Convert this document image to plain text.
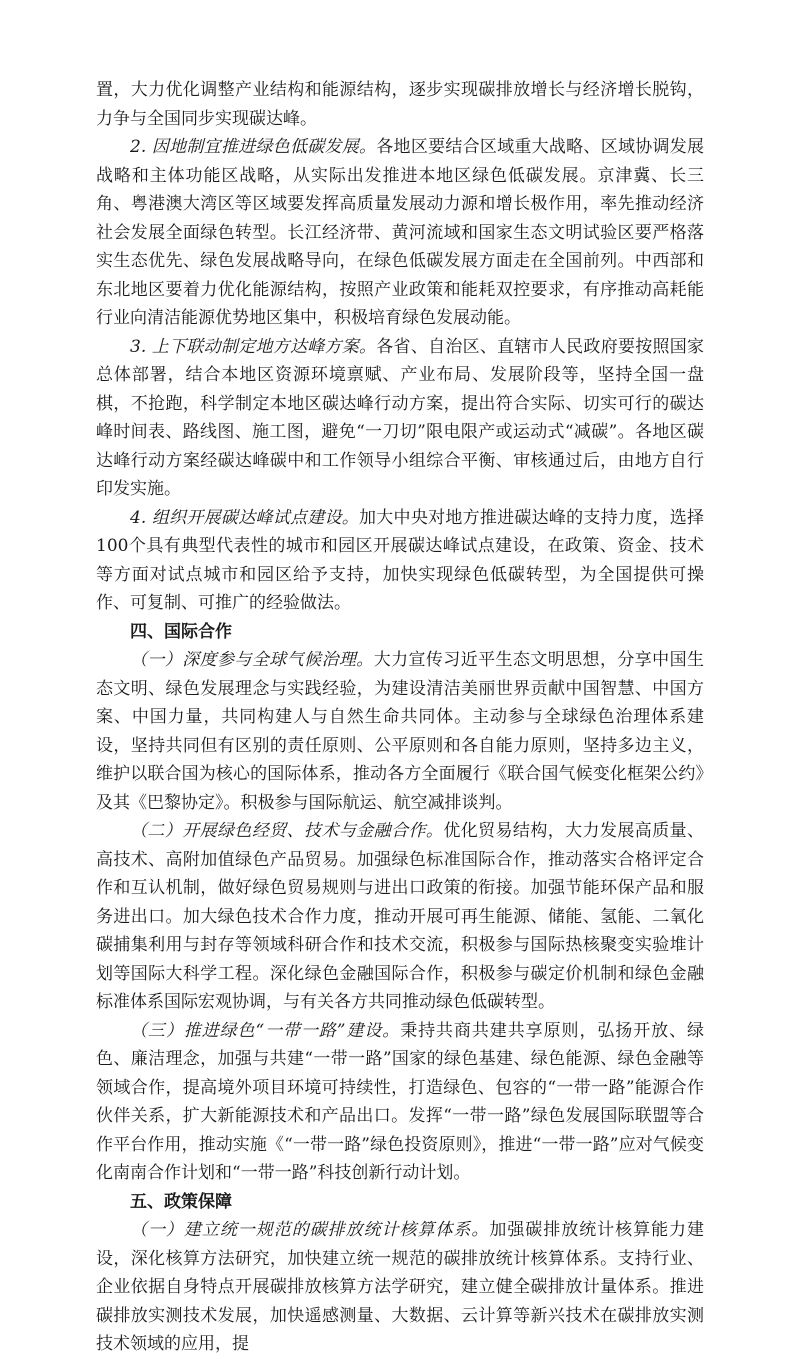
置，大力优化调整产业结构和能源结构，逐步实现碳排放增长与经济增长脱钩，力争与全国同步实现碳达峰。

2. 因地制宜推进绿色低碳发展。各地区要结合区域重大战略、区域协调发展战略和主体功能区战略，从实际出发推进本地区绿色低碳发展。京津冀、长三角、粤港澳大湾区等区域要发挥高质量发展动力源和增长极作用，率先推动经济社会发展全面绿色转型。长江经济带、黄河流域和国家生态文明试验区要严格落实生态优先、绿色发展战略导向，在绿色低碳发展方面走在全国前列。中西部和东北地区要着力优化能源结构，按照产业政策和能耗双控要求，有序推动高耗能行业向清洁能源优势地区集中，积极培育绿色发展动能。

3. 上下联动制定地方达峰方案。各省、自治区、直辖市人民政府要按照国家总体部署，结合本地区资源环境禀赋、产业布局、发展阶段等，坚持全国一盘棋，不抢跑，科学制定本地区碳达峰行动方案，提出符合实际、切实可行的碳达峰时间表、路线图、施工图，避免“一刀切”限电限产或运动式“减碳”。各地区碳达峰行动方案经碳达峰碳中和工作领导小组综合平衡、审核通过后，由地方自行印发实施。

4. 组织开展碳达峰试点建设。加大中央对地方推进碳达峰的支持力度，选择100个具有典型代表性的城市和园区开展碳达峰试点建设，在政策、资金、技术等方面对试点城市和园区给予支持，加快实现绿色低碳转型，为全国提供可操作、可复制、可推广的经验做法。

四、国际合作

（一）深度参与全球气候治理。大力宣传习近平生态文明思想，分享中国生态文明、绿色发展理念与实践经验，为建设清洁美丽世界贡献中国智慧、中国方案、中国力量，共同构建人与自然生命共同体。主动参与全球绿色治理体系建设，坚持共同但有区别的责任原则、公平原则和各自能力原则，坚持多边主义，维护以联合国为核心的国际体系，推动各方全面履行《联合国气候变化框架公约》及其《巴黎协定》。积极参与国际航运、航空减排谈判。

（二）开展绿色经贸、技术与金融合作。优化贸易结构，大力发展高质量、高技术、高附加值绿色产品贸易。加强绿色标准国际合作，推动落实合格评定合作和互认机制，做好绿色贸易规则与进出口政策的衔接。加强节能环保产品和服务进出口。加大绿色技术合作力度，推动开展可再生能源、储能、氢能、二氧化碳捕集利用与封存等领域科研合作和技术交流，积极参与国际热核聚变实验堆计划等国际大科学工程。深化绿色金融国际合作，积极参与碳定价机制和绿色金融标准体系国际宏观协调，与有关各方共同推动绿色低碳转型。

（三）推进绿色“一带一路”建设。秉持共商共建共享原则，弘扬开放、绿色、廉洁理念，加强与共建“一带一路”国家的绿色基建、绿色能源、绿色金融等领域合作，提高境外项目环境可持续性，打造绿色、包容的“一带一路”能源合作伙伴关系，扩大新能源技术和产品出口。发挥“一带一路”绿色发展国际联盟等合作平台作用，推动实施《“一带一路”绿色投资原则》，推进“一带一路”应对气候变化南南合作计划和“一带一路”科技创新行动计划。

五、政策保障

（一）建立统一规范的碳排放统计核算体系。加强碳排放统计核算能力建设，深化核算方法研究，加快建立统一规范的碳排放统计核算体系。支持行业、企业依据自身特点开展碳排放核算方法学研究，建立健全碳排放计量体系。推进碳排放实测技术发展，加快遥感测量、大数据、云计算等新兴技术在碳排放实测技术领域的应用，提
